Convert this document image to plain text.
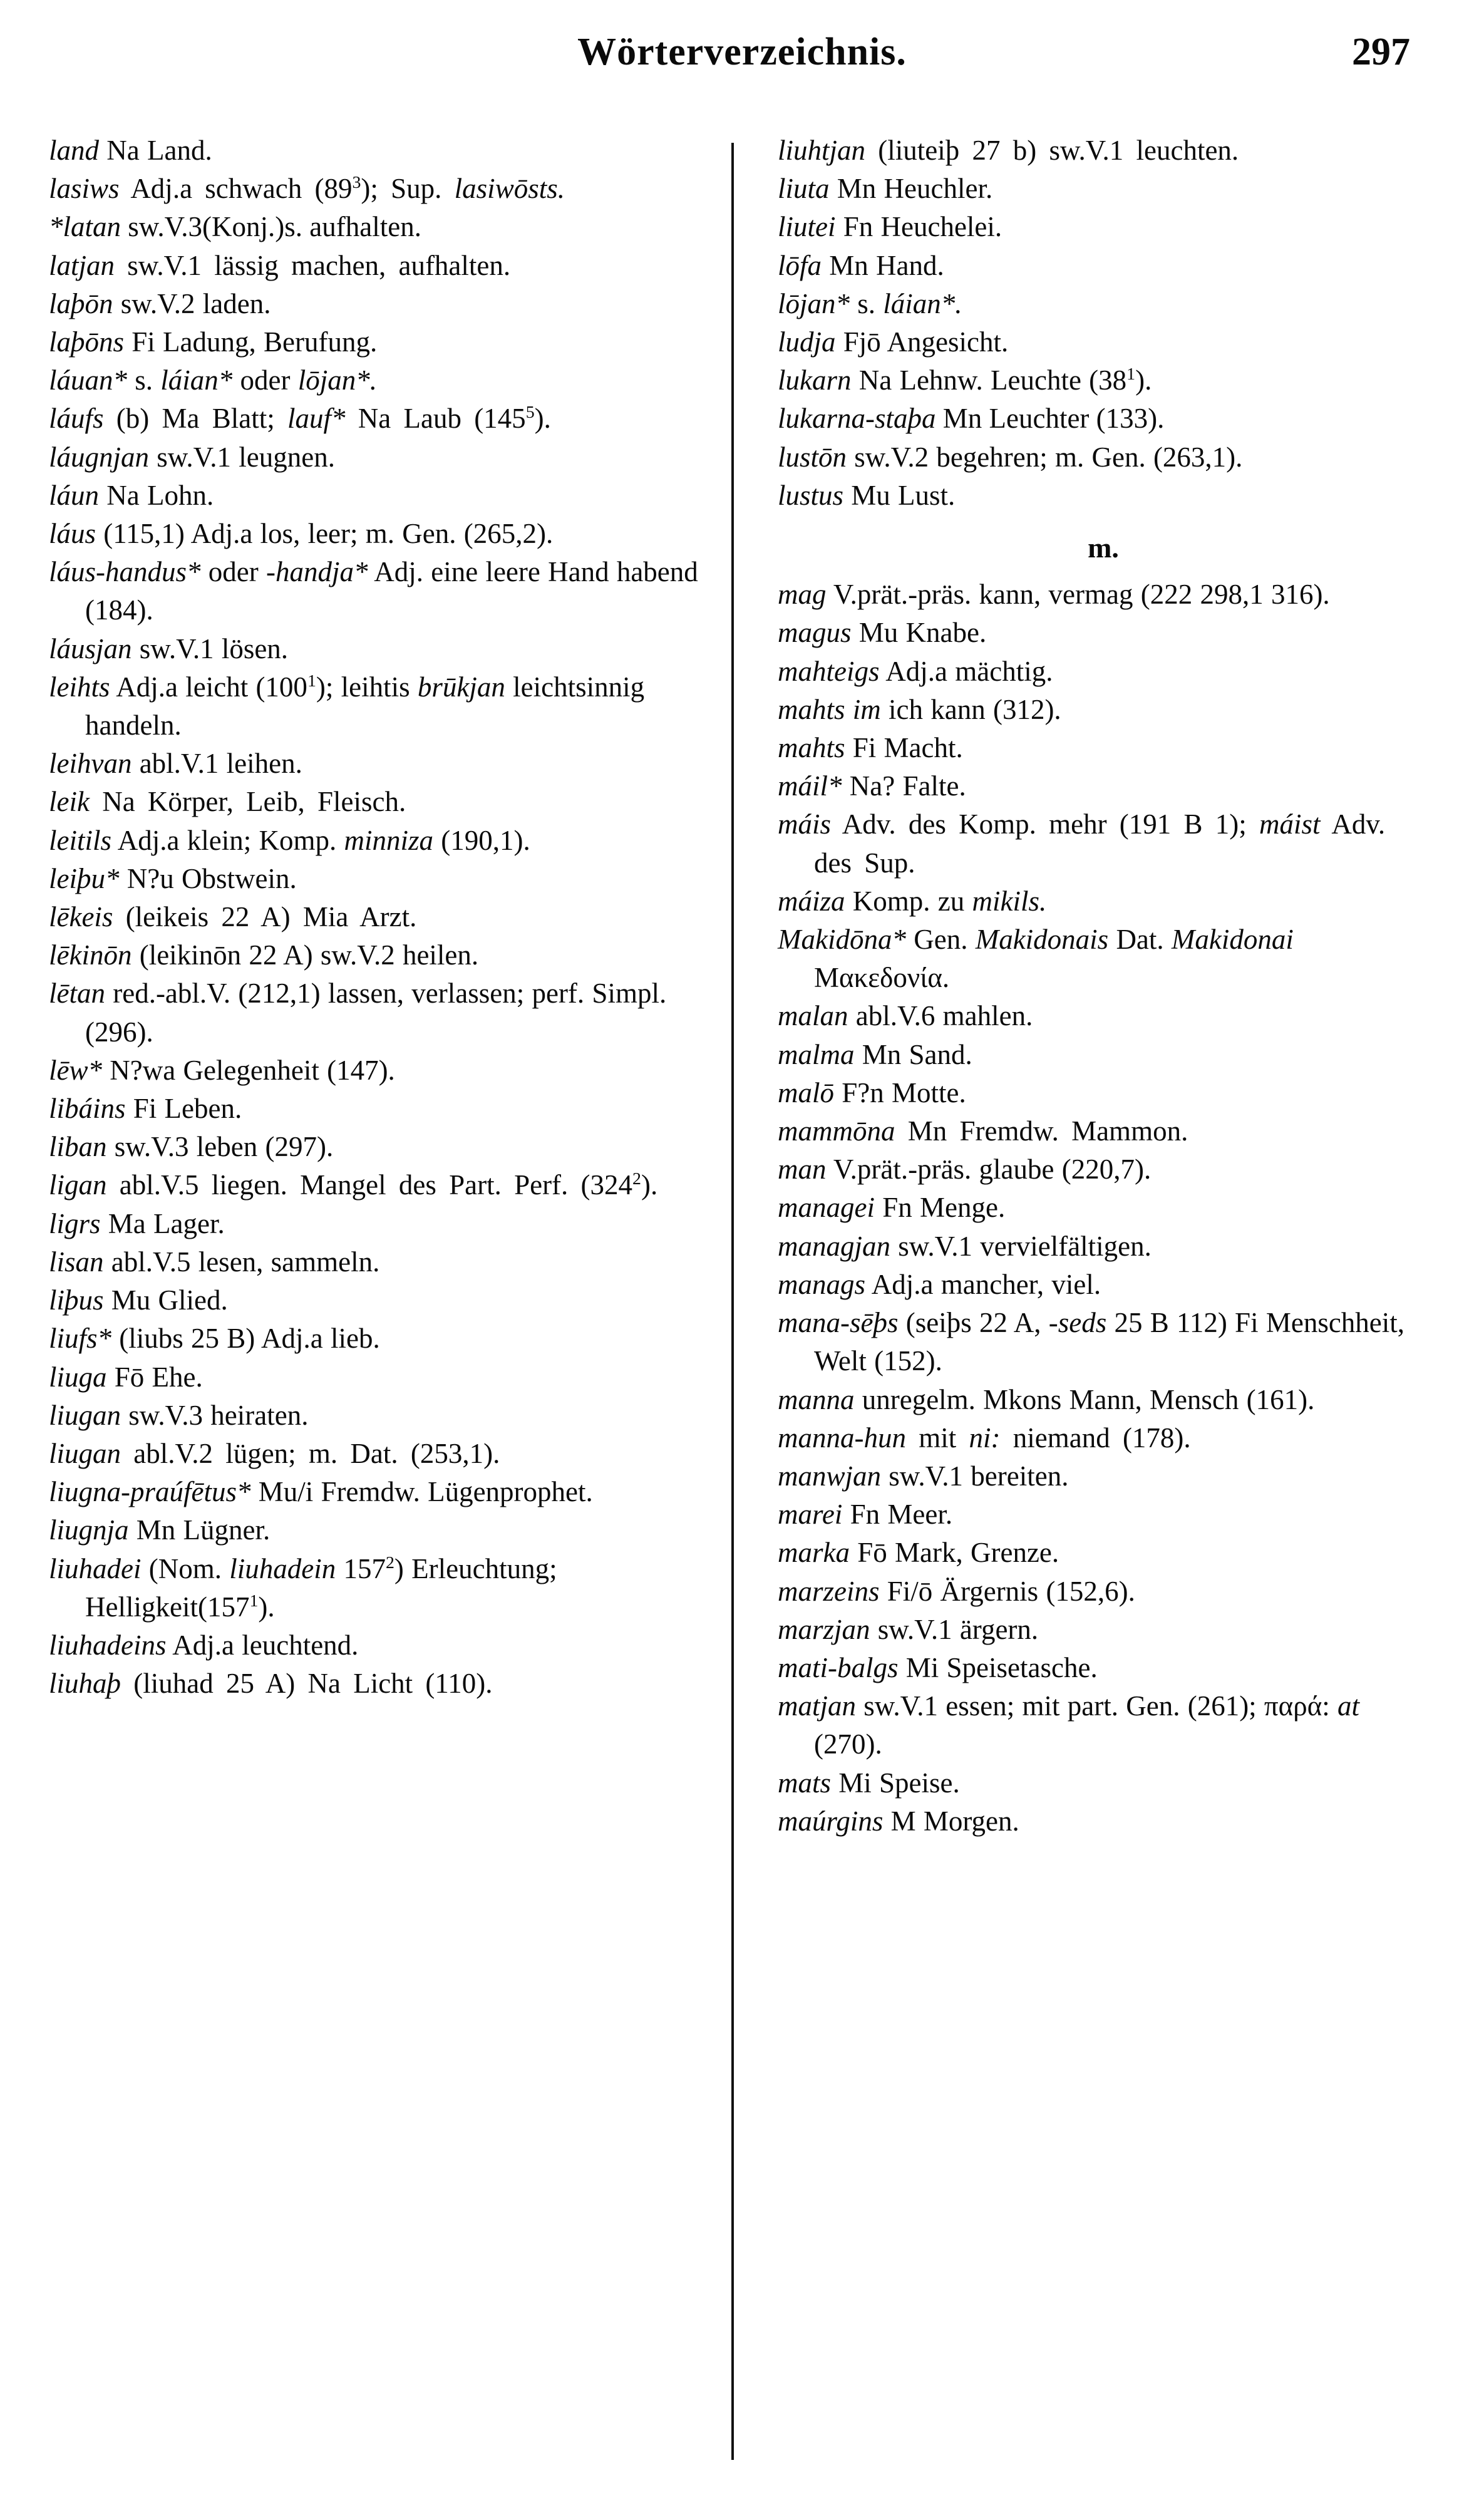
Wörterverzeichnis.	297

land Na Land.

lasiws Adj.a schwach $(89^3)$; Sup. lasiwōsts.

*latan sw.V.3(Konj.)s. aufhalten.

latjan sw.V.1 lässig machen, aufhalten.

laþōn sw.V.2 laden.

laþōns Fi Ladung, Berufung.

láuan* s. láian* oder lōjan*.

láufs (b) Ma Blatt; lauf* Na Laub $(145^5)$.

láugnjan sw.V.1 leugnen.

láun Na Lohn.

láus (115,1) Adj.a los, leer; m. Gen. (265,2).

láus-handus* oder -handja* Adj. eine leere Hand habend (184).

láusjan sw.V.1 lösen.

leihts Adj.a leicht $(100^1)$; leihtis brūkjan leichtsinnig handeln.

leihvan abl.V.1 leihen.

leik Na Körper, Leib, Fleisch.

leitils Adj.a klein; Komp. minniza (190,1).

leiþu* N?u Obstwein.

lēkeis (leikeis 22 A) Mia Arzt.

lēkinōn (leikinōn 22 A) sw.V.2 heilen.

lētan red.-abl.V. (212,1) lassen, verlassen; perf. Simpl. (296).

lēw* N?wa Gelegenheit (147).

libáins Fi Leben.

liban sw.V.3 leben (297).

ligan abl.V.5 liegen. Mangel des Part. Perf. $(324^2)$.

ligrs Ma Lager.

lisan abl.V.5 lesen, sammeln.

liþus Mu Glied.

liufs* (liubs 25 B) Adj.a lieb.

liuga Fō Ehe.

liugan sw.V.3 heiraten.

liugan abl.V.2 lügen; m. Dat. (253,1).

liugna-praúfētus* Mu/i Fremdw. Lügenprophet.

liugnja Mn Lügner.

liuhadei (Nom. liuhadein $157^2$) Erleuchtung; $Helligkeit(157^1)$.

liuhadeins Adj.a leuchtend.

liuhaþ (liuhad 25 A) Na Licht (110).

liuhtjan (liuteiþ 27 b) sw.V.1 leuchten.

liuta Mn Heuchler.

liutei Fn Heuchelei.

lōfa Mn Hand.

lōjan* s. láian*.

ludja Fjō Angesicht.

lukarn Na Lehnw. Leuchte $(38^1)$.

lukarna-staþa Mn Leuchter (133).

lustōn sw.V.2 begehren; m. Gen. (263,1).

lustus Mu Lust.

m.

mag V.prät.-präs. kann, vermag (222 298,1 316).

magus Mu Knabe.

mahteigs Adj.a mächtig.

mahts im ich kann (312).

mahts Fi Macht.

máil* Na? Falte.

máis Adv. des Komp. mehr (191 B 1); máist Adv. des Sup.

máiza Komp. zu mikils.

Makidōna* Gen. Makidonais Dat. Makidonai Μακεδονία.

malan abl.V.6 mahlen.

malma Mn Sand.

malō F?n Motte.

mammōna Mn Fremdw. Mammon.

man V.prät.-präs. glaube (220,7).

managei Fn Menge.

managjan sw.V.1 vervielfältigen.

manags Adj.a mancher, viel.

mana-sēþs (seiþs 22 A, -seds 25 B 112) Fi Menschheit, Welt (152).

manna unregelm. Mkons Mann, Mensch (161).

manna-hun mit ni: niemand (178).

manwjan sw.V.1 bereiten.

marei Fn Meer.

marka Fō Mark, Grenze.

marzeins Fi/ō Ärgernis (152,6).

marzjan sw.V.1 ärgern.

mati-balgs Mi Speisetasche.

matjan sw.V.1 essen; mit part. Gen. (261); παρά: at (270).

mats Mi Speise.

maúrgins M Morgen.
